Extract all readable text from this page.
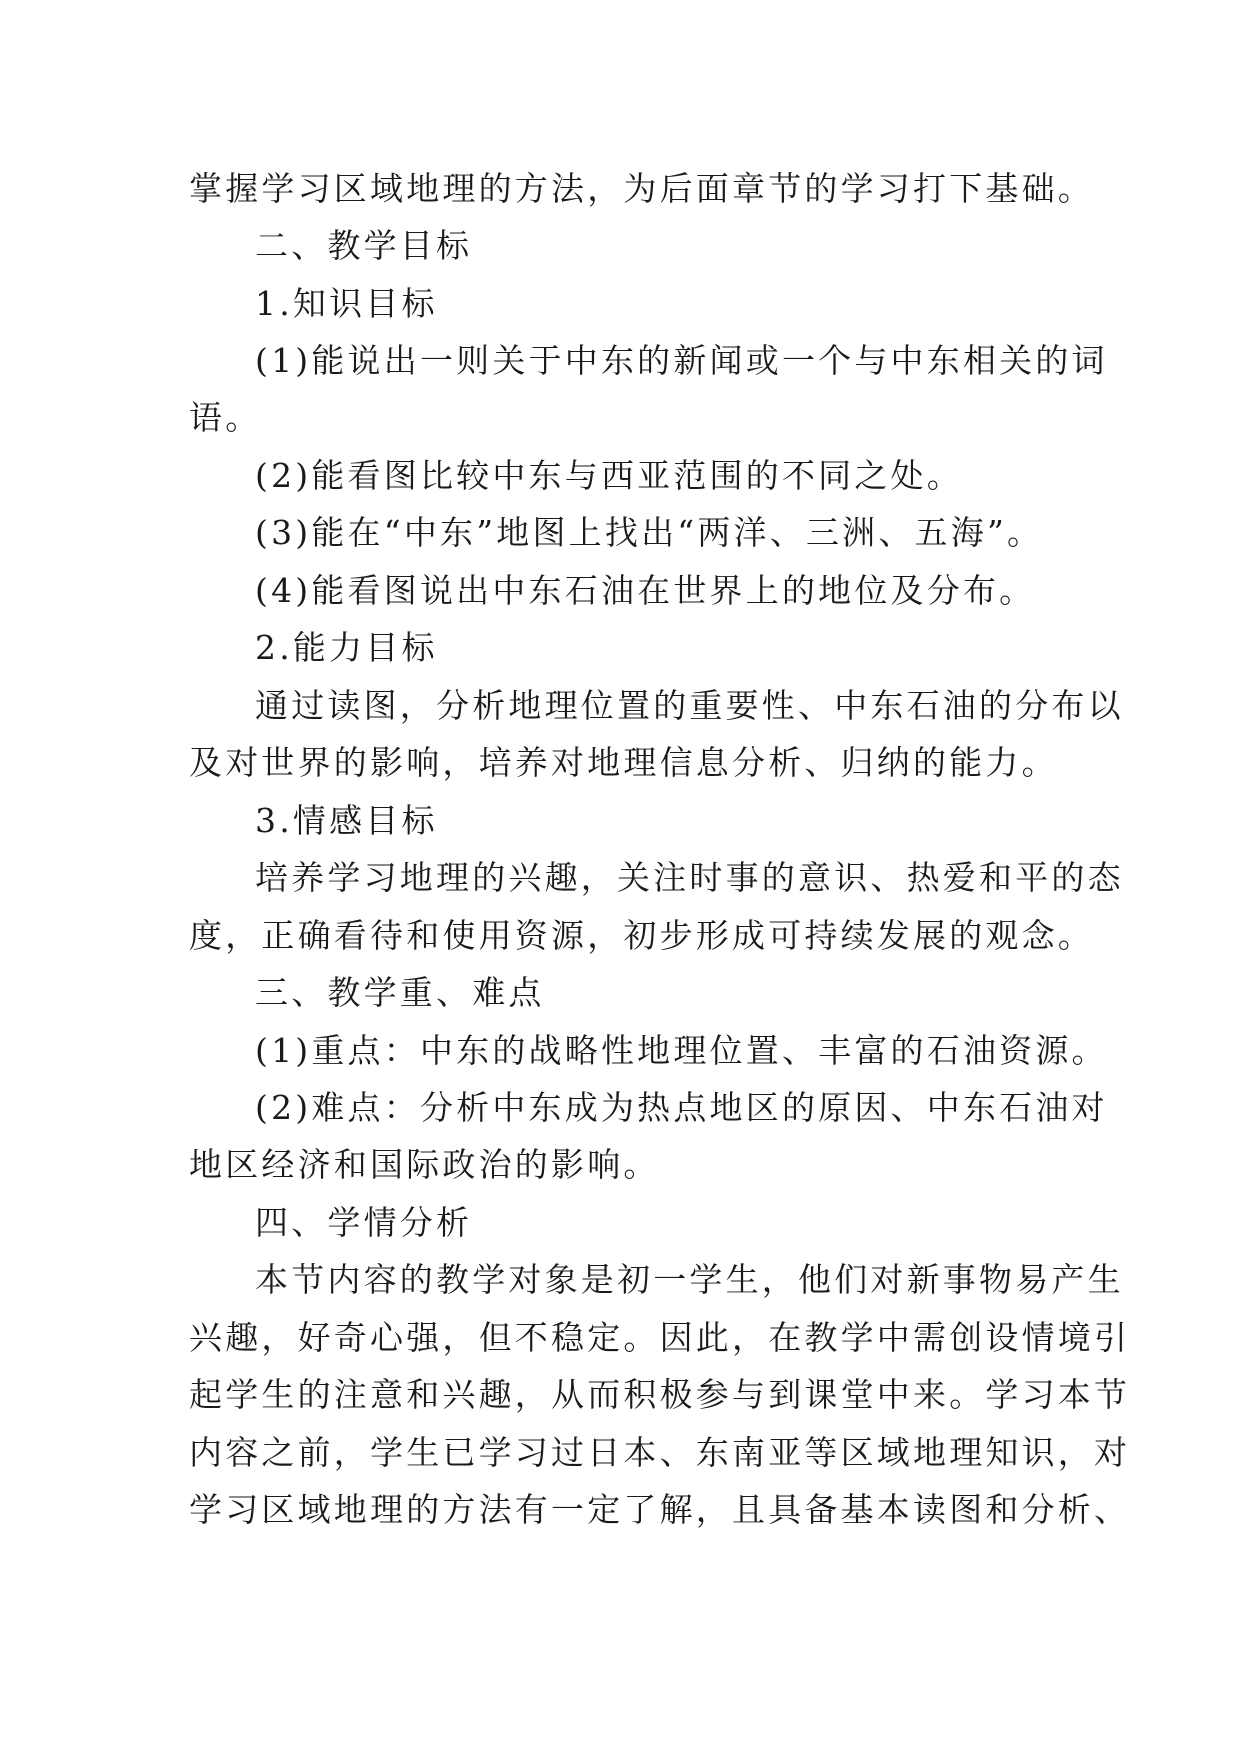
掌握学习区域地理的方法，为后面章节的学习打下基础。
二、教学目标
1.知识目标
(1)能说出一则关于中东的新闻或一个与中东相关的词
语。
(2)能看图比较中东与西亚范围的不同之处。
(3)能在“中东”地图上找出“两洋、三洲、五海”。
(4)能看图说出中东石油在世界上的地位及分布。
2.能力目标
通过读图，分析地理位置的重要性、中东石油的分布以
及对世界的影响，培养对地理信息分析、归纳的能力。
3.情感目标
培养学习地理的兴趣，关注时事的意识、热爱和平的态
度，正确看待和使用资源，初步形成可持续发展的观念。
三、教学重、难点
(1)重点：中东的战略性地理位置、丰富的石油资源。
(2)难点：分析中东成为热点地区的原因、中东石油对
地区经济和国际政治的影响。
四、学情分析
本节内容的教学对象是初一学生，他们对新事物易产生
兴趣，好奇心强，但不稳定。因此，在教学中需创设情境引
起学生的注意和兴趣，从而积极参与到课堂中来。学习本节
内容之前，学生已学习过日本、东南亚等区域地理知识，对
学习区域地理的方法有一定了解，且具备基本读图和分析、
